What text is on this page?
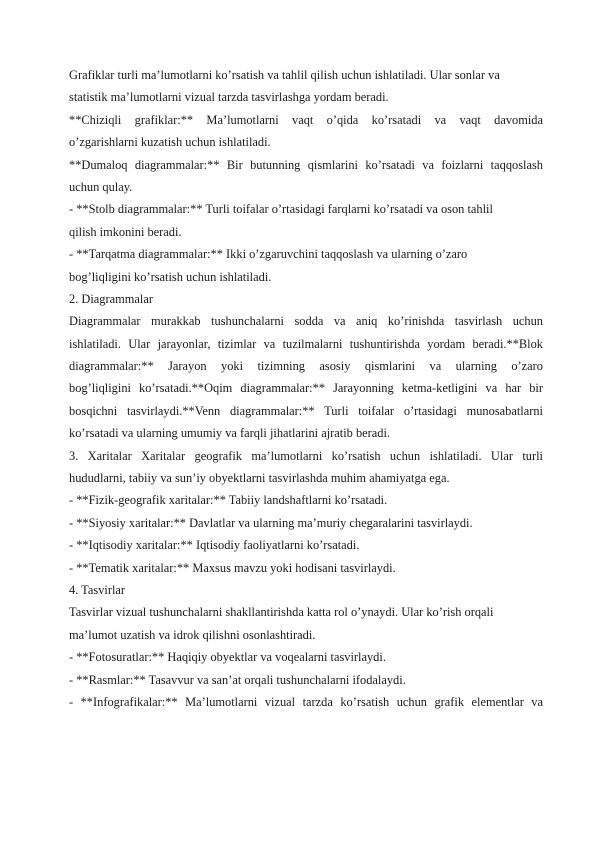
Grafiklar turli ma’lumotlarni ko’rsatish va tahlil qilish uchun ishlatiladi. Ular sonlar va
statistik ma’lumotlarni vizual tarzda tasvirlashga yordam beradi.
**Chiziqli grafiklar:** Ma’lumotlarni vaqt o’qida ko’rsatadi va vaqt davomida
o’zgarishlarni kuzatish uchun ishlatiladi.
**Dumaloq diagrammalar:** Bir butunning qismlarini ko’rsatadi va foizlarni taqqoslash
uchun qulay.
- **Stolb diagrammalar:** Turli toifalar o’rtasidagi farqlarni ko’rsatadi va oson tahlil
qilish imkonini beradi.
- **Tarqatma diagrammalar:** Ikki o’zgaruvchini taqqoslash va ularning o’zaro
bog’liqligini ko’rsatish uchun ishlatiladi.
2. Diagrammalar
Diagrammalar murakkab tushunchalarni sodda va aniq ko’rinishda tasvirlash uchun
ishlatiladi. Ular jarayonlar, tizimlar va tuzilmalarni tushuntirishda yordam beradi.**Blok
diagrammalar:** Jarayon yoki tizimning asosiy qismlarini va ularning o’zaro
bog’liqligini ko’rsatadi.**Oqim diagrammalar:** Jarayonning ketma-ketligini va har bir
bosqichni tasvirlaydi.**Venn diagrammalar:** Turli toifalar o’rtasidagi munosabatlarni
ko’rsatadi va ularning umumiy va farqli jihatlarini ajratib beradi.
3. Xaritalar Xaritalar geografik ma’lumotlarni ko’rsatish uchun ishlatiladi. Ular turli
hududlarni, tabiiy va sun’iy obyektlarni tasvirlashda muhim ahamiyatga ega.
- **Fizik-geografik xaritalar:** Tabiiy landshaftlarni ko’rsatadi.
- **Siyosiy xaritalar:** Davlatlar va ularning ma’muriy chegaralarini tasvirlaydi.
- **Iqtisodiy xaritalar:** Iqtisodiy faoliyatlarni ko’rsatadi.
- **Tematik xaritalar:** Maxsus mavzu yoki hodisani tasvirlaydi.
4. Tasvirlar
Tasvirlar vizual tushunchalarni shakllantirishda katta rol o’ynaydi. Ular ko’rish orqali
ma’lumot uzatish va idrok qilishni osonlashtiradi.
- **Fotosuratlar:** Haqiqiy obyektlar va voqealarni tasvirlaydi.
- **Rasmlar:** Tasavvur va san’at orqali tushunchalarni ifodalaydi.
- **Infografikalar:** Ma’lumotlarni vizual tarzda ko’rsatish uchun grafik elementlar va
